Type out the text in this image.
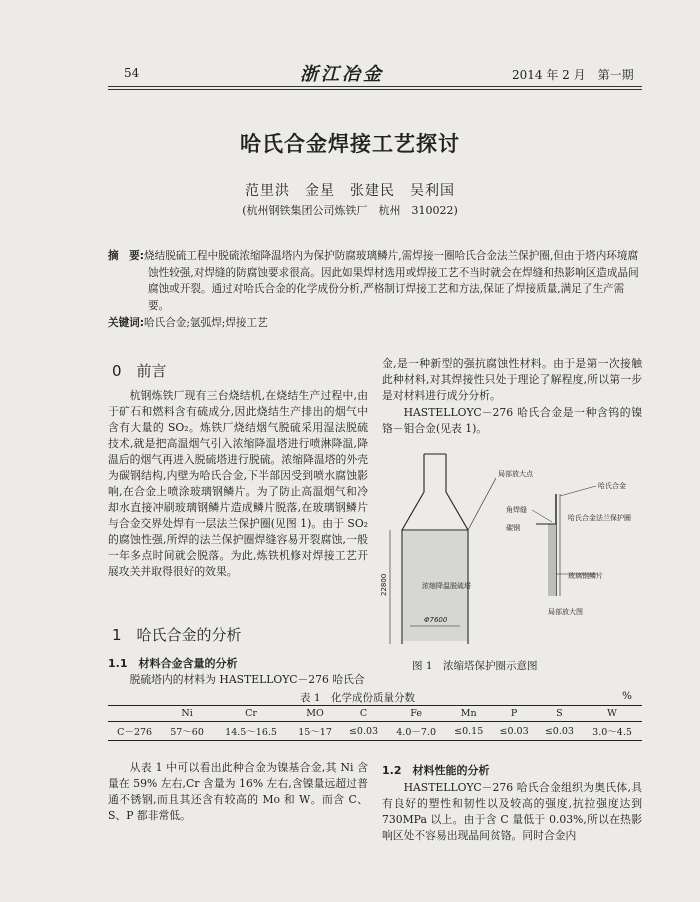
54	浙江冶金	2014 年 2 月　第一期
哈氏合金焊接工艺探讨
范里洪　金星　张建民　吴利国
(杭州钢铁集团公司炼铁厂　杭州　310022)

摘　要:烧结脱硫工程中脱硫浓缩降温塔内为保护防腐玻璃鳞片,需焊接一圈哈氏合金法兰保护圈,但由于塔内环境腐蚀性较强,对焊缝的防腐蚀要求很高。因此如果焊材选用或焊接工艺不当时就会在焊缝和热影响区造成晶间腐蚀或开裂。通过对哈氏合金的化学成份分析,严格制订焊接工艺和方法,保证了焊接质量,满足了生产需要。

关键词:哈氏合金;氩弧焊;焊接工艺

0　前言

杭钢炼铁厂现有三台烧结机,在烧结生产过程中,由于矿石和燃料含有硫成分,因此烧结生产排出的烟气中含有大量的 SO₂。炼铁厂烧结烟气脱硫采用湿法脱硫技术,就是把高温烟气引入浓缩降温塔进行喷淋降温,降温后的烟气再进入脱硫塔进行脱硫。浓缩降温塔的外壳为碳钢结构,内壁为哈氏合金,下半部因受到喷水腐蚀影响,在合金上喷涂玻璃钢鳞片。为了防止高温烟气和冷却水直接冲刷玻璃钢鳞片造成鳞片脱落,在玻璃钢鳞片与合金交界处焊有一层法兰保护圈(见图 1)。由于 SO₂ 的腐蚀性强,所焊的法兰保护圈焊缝容易开裂腐蚀,一般一年多点时间就会脱落。为此,炼铁机修对焊接工艺开展攻关并取得很好的效果。

1　哈氏合金的分析
1.1　材料合金含量的分析

脱硫塔内的材料为 HASTELLOYC－276 哈氏合

金,是一种新型的强抗腐蚀性材料。由于是第一次接触此种材料,对其焊接性只处于理论了解程度,所以第一步是对材料进行成分分析。

HASTELLOYC－276 哈氏合金是一种含钨的镍铬－钼合金(见表 1)。

22800	浓缩降温脱硫塔
Φ7600
局部放大点
哈氏合金
角焊缝
哈氏合金法兰保护圈
碳钢
玻璃钢鳞片
局部放大图
图 1　浓缩塔保护圈示意图
表 1　化学成份质量分数	%
	Ni	Cr	MO	C	Fe	Mn	P	S	W
C－276	57～60	14.5～16.5	15～17	≤0.03	4.0－7.0	≤0.15	≤0.03	≤0.03	3.0～4.5

从表 1 中可以看出此种合金为镍基合金,其 Ni 含量在 59% 左右,Cr 含量为 16% 左右,含镍量远超过普通不锈钢,而且其还含有较高的 Mo 和 W。而含 C、S、P 都非常低。

1.2　材料性能的分析

HASTELLOYC－276 哈氏合金组织为奥氏体,具有良好的塑性和韧性以及较高的强度,抗拉强度达到 730MPa 以上。由于含 C 量低于 0.03%,所以在热影响区处不容易出现晶间贫铬。同时合金内
